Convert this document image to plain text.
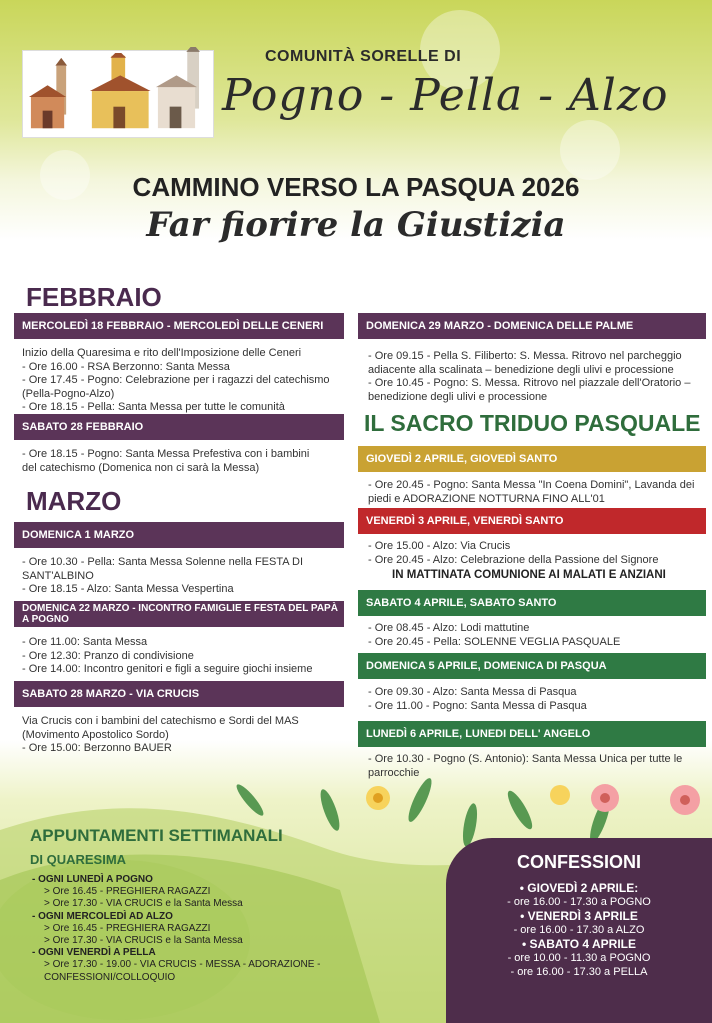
COMUNITÀ SORELLE DI
Pogno - Pella - Alzo
CAMMINO VERSO LA PASQUA 2026
Far fiorire la Giustizia
FEBBRAIO
MERCOLEDÌ 18 FEBBRAIO - MERCOLEDÌ DELLE CENERI
Inizio della Quaresima e rito dell'Imposizione delle Ceneri
- Ore 16.00 - RSA Berzonno: Santa Messa
- Ore 17.45 - Pogno: Celebrazione per i ragazzi del catechismo (Pella-Pogno-Alzo)
- Ore 18.15 - Pella: Santa Messa per tutte le comunità
SABATO 28 FEBBRAIO
- Ore 18.15 - Pogno: Santa Messa Prefestiva con i bambini del catechismo (Domenica non ci sarà la Messa)
MARZO
DOMENICA 1 MARZO
- Ore 10.30 - Pella: Santa Messa Solenne nella FESTA DI SANT'ALBINO
- Ore 18.15 - Alzo: Santa Messa Vespertina
DOMENICA 22 MARZO - INCONTRO FAMIGLIE E FESTA DEL PAPÀ A POGNO
- Ore 11.00: Santa Messa
- Ore 12.30: Pranzo di condivisione
- Ore 14.00: Incontro genitori e figli a seguire giochi insieme
SABATO 28 MARZO - VIA CRUCIS
Via Crucis con i bambini del catechismo e Sordi del MAS (Movimento Apostolico Sordo)
- Ore 15.00: Berzonno BAUER
DOMENICA 29 MARZO - DOMENICA DELLE PALME
- Ore 09.15 - Pella S. Filiberto: S. Messa. Ritrovo nel parcheggio adiacente alla scalinata – benedizione degli ulivi e processione
- Ore 10.45 - Pogno: S. Messa. Ritrovo nel piazzale dell'Oratorio – benedizione degli ulivi e processione
IL SACRO TRIDUO PASQUALE
GIOVEDÌ 2 APRILE, GIOVEDÌ SANTO
- Ore 20.45 - Pogno: Santa Messa "In Coena Domini", Lavanda dei piedi e ADORAZIONE NOTTURNA FINO ALL'01
VENERDÌ 3 APRILE, VENERDÌ SANTO
- Ore 15.00 - Alzo: Via Crucis
- Ore 20.45 - Alzo: Celebrazione della Passione del Signore
IN MATTINATA COMUNIONE AI MALATI E ANZIANI
SABATO 4 APRILE, SABATO SANTO
- Ore 08.45 - Alzo: Lodi mattutine
- Ore 20.45 - Pella: SOLENNE VEGLIA PASQUALE
DOMENICA 5 APRILE, DOMENICA DI PASQUA
- Ore 09.30 - Alzo: Santa Messa di Pasqua
- Ore 11.00 - Pogno: Santa Messa di Pasqua
LUNEDÌ 6 APRILE, LUNEDI DELL' ANGELO
- Ore 10.30 - Pogno (S. Antonio): Santa Messa Unica per tutte le parrocchie
APPUNTAMENTI SETTIMANALI
DI QUARESIMA
- OGNI LUNEDÌ A POGNO
> Ore 16.45 - PREGHIERA RAGAZZI
> Ore 17.30 - VIA CRUCIS e la Santa Messa
- OGNI MERCOLEDÌ AD ALZO
> Ore 16.45 - PREGHIERA RAGAZZI
> Ore 17.30 - VIA CRUCIS e la Santa Messa
- OGNI VENERDÌ A PELLA
> Ore 17.30 - 19.00 - VIA CRUCIS - MESSA - ADORAZIONE -
CONFESSIONI/COLLOQUIO
CONFESSIONI
• GIOVEDÌ 2 APRILE:
- ore 16.00 - 17.30 a POGNO
• VENERDÌ 3 APRILE
- ore 16.00 - 17.30 a ALZO
• SABATO 4 APRILE
- ore 10.00 - 11.30 a POGNO
- ore 16.00 - 17.30 a PELLA
